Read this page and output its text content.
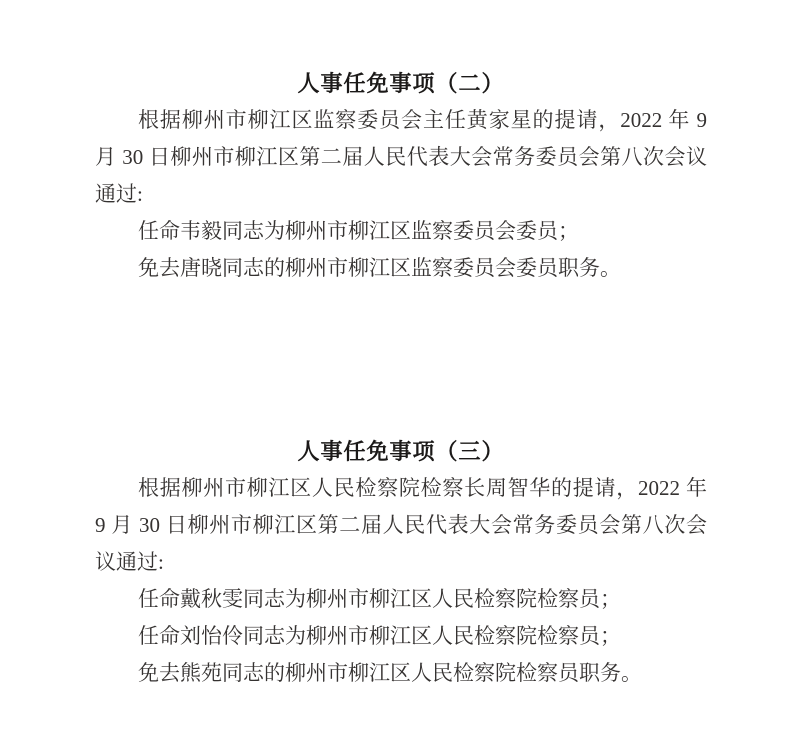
人事任免事项（二）
根据柳州市柳江区监察委员会主任黄家星的提请，2022 年 9
月 30 日柳州市柳江区第二届人民代表大会常务委员会第八次会议
通过:
任命韦毅同志为柳州市柳江区监察委员会委员；
免去唐晓同志的柳州市柳江区监察委员会委员职务。
人事任免事项（三）
根据柳州市柳江区人民检察院检察长周智华的提请，2022 年
9 月 30 日柳州市柳江区第二届人民代表大会常务委员会第八次会
议通过:
任命戴秋雯同志为柳州市柳江区人民检察院检察员；
任命刘怡伶同志为柳州市柳江区人民检察院检察员；
免去熊苑同志的柳州市柳江区人民检察院检察员职务。
